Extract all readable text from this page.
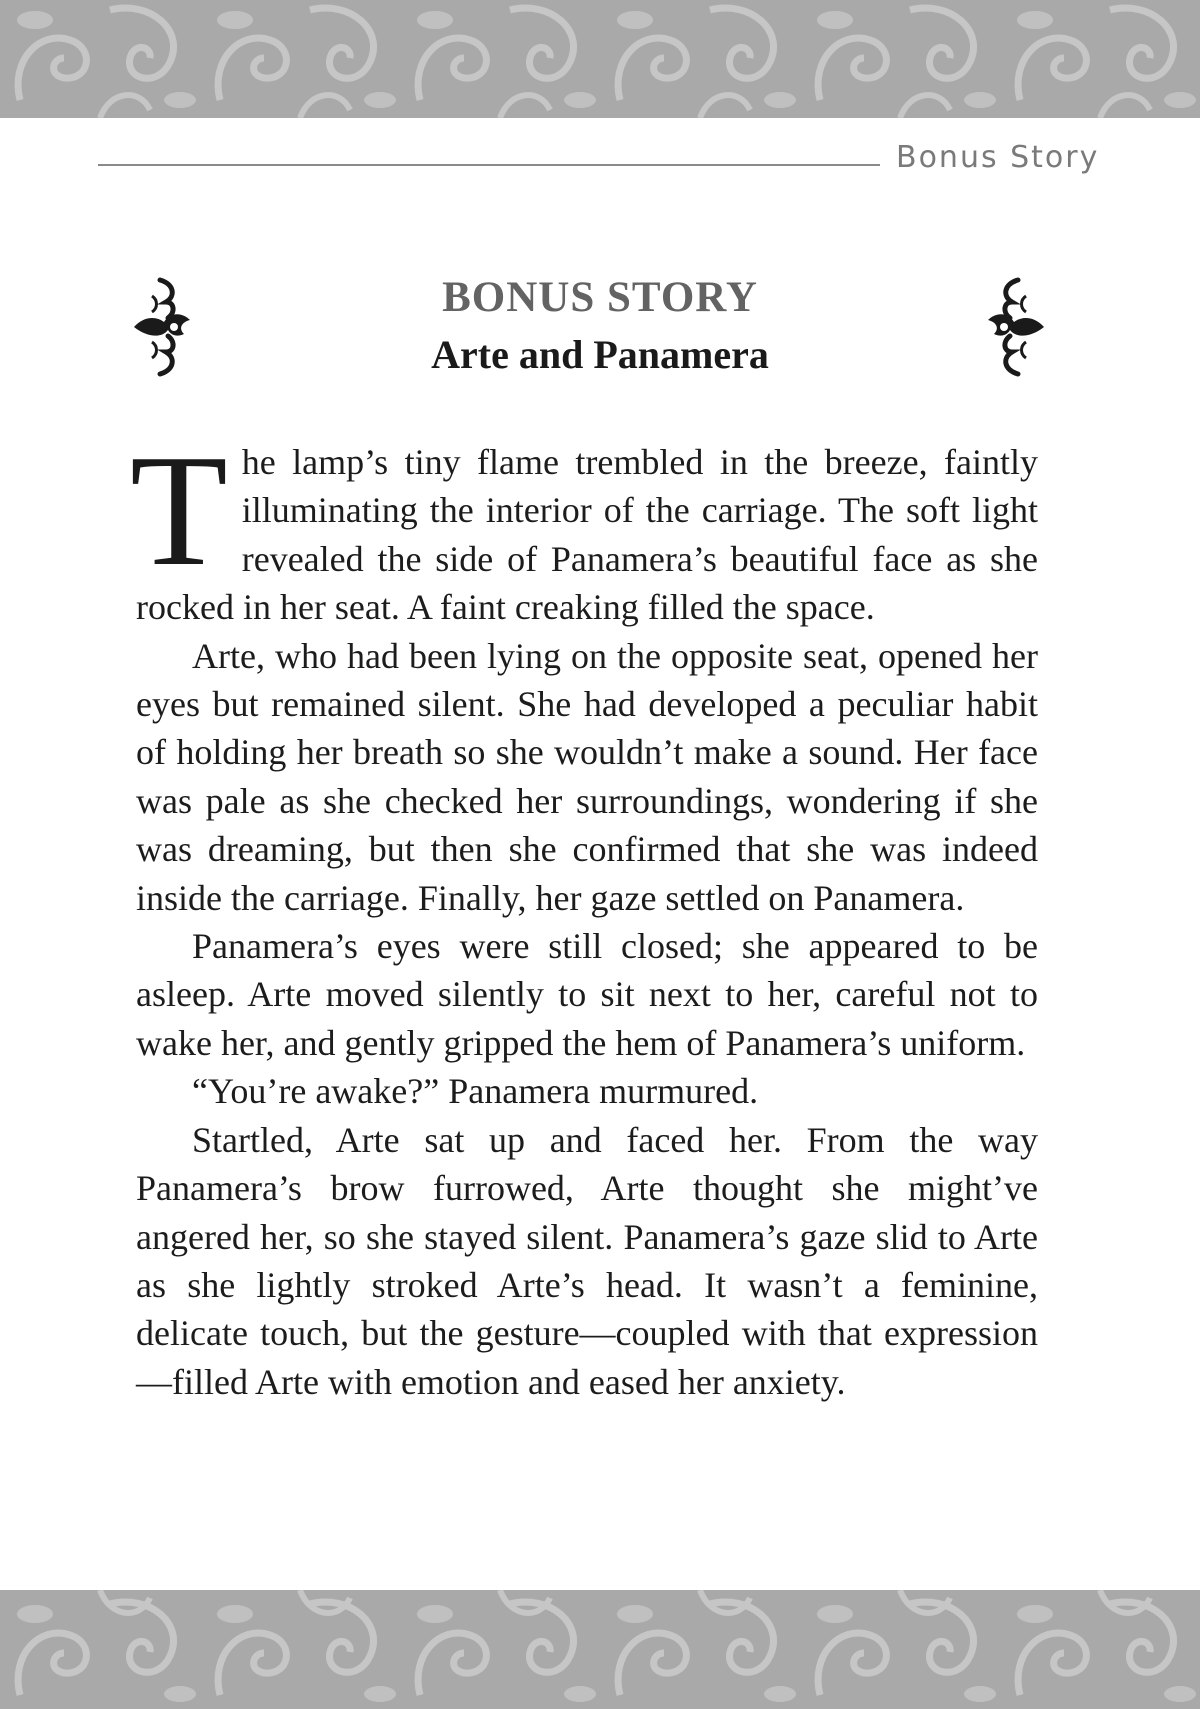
Bonus Story
BONUS STORY
Arte and Panamera

The lamp’s tiny flame trembled in the breeze, faintly illuminating the interior of the carriage. The soft light revealed the side of Panamera’s beautiful face as she rocked in her seat. A faint creaking filled the space.

Arte, who had been lying on the opposite seat, opened her eyes but remained silent. She had developed a peculiar habit of holding her breath so she wouldn’t make a sound. Her face was pale as she checked her surroundings, wondering if she was dreaming, but then she confirmed that she was indeed inside the carriage. Finally, her gaze settled on Panamera.

Panamera’s eyes were still closed; she appeared to be asleep. Arte moved silently to sit next to her, careful not to wake her, and gently gripped the hem of Panamera’s uniform.

“You’re awake?” Panamera murmured.

Startled, Arte sat up and faced her. From the way Panamera’s brow furrowed, Arte thought she might’ve angered her, so she stayed silent. Panamera’s gaze slid to Arte as she lightly stroked Arte’s head. It wasn’t a feminine, delicate touch, but the gesture—coupled with that expression—filled Arte with emotion and eased her anxiety.
